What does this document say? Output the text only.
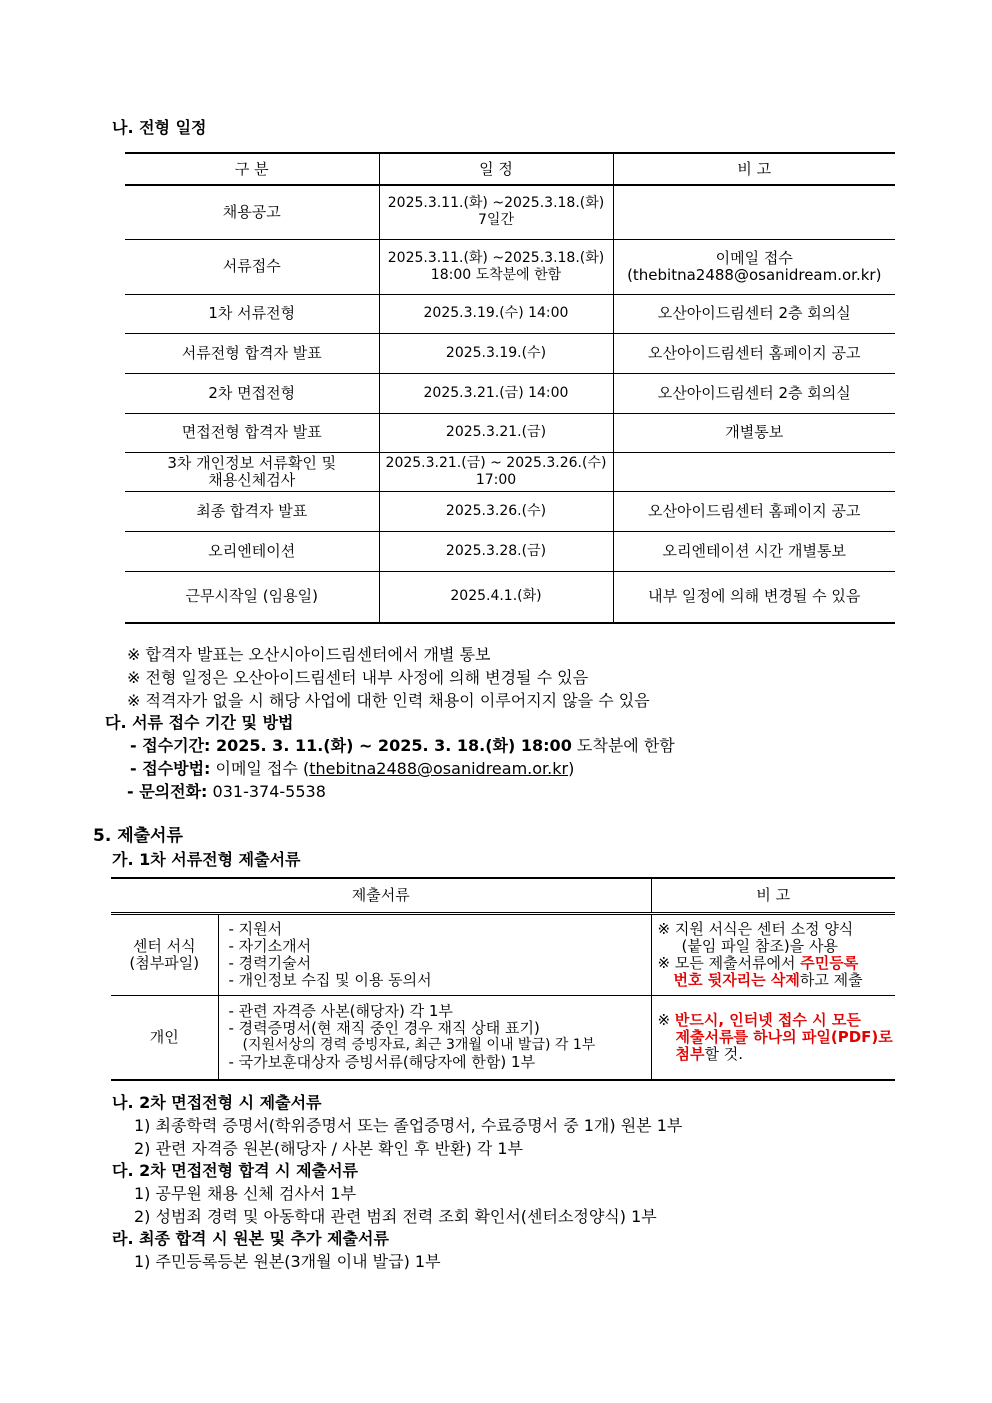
나. 전형 일정
구 분	일 정	비 고
채용공고	2025.3.11.(화) ~2025.3.18.(화)
7일간	

서류접수	2025.3.11.(화) ~2025.3.18.(화)
18:00 도착분에 한함	이메일 접수
(thebitna2488@osanidream.or.kr)

1차 서류전형	2025.3.19.(수) 14:00	오산아이드림센터 2층 회의실
서류전형 합격자 발표	2025.3.19.(수)	오산아이드림센터 홈페이지 공고
2차 면접전형	2025.3.21.(금) 14:00	오산아이드림센터 2층 회의실
면접전형 합격자 발표	2025.3.21.(금)	개별통보

3차 개인정보 서류확인 및
채용신체검사	2025.3.21.(금) ~ 2025.3.26.(수)
17:00	

최종 합격자 발표	2025.3.26.(수)	오산아이드림센터 홈페이지 공고
오리엔테이션	2025.3.28.(금)	오리엔테이션 시간 개별통보
근무시작일 (임용일)	2025.4.1.(화)	내부 일정에 의해 변경될 수 있음
※ 합격자 발표는 오산시아이드림센터에서 개별 통보
※ 전형 일정은 오산아이드림센터 내부 사정에 의해 변경될 수 있음
※ 적격자가 없을 시 해당 사업에 대한 인력 채용이 이루어지지 않을 수 있음
다. 서류 접수 기간 및 방법
- 접수기간: 2025. 3. 11.(화) ~ 2025. 3. 18.(화) 18:00 도착분에 한함
- 접수방법: 이메일 접수 (thebitna2488@osanidream.or.kr)
- 문의전화: 031-374-5538
5. 제출서류
가. 1차 서류전형 제출서류
제출서류		비 고

센터 서식
(첨부파일)	- 지원서
- 자기소개서
- 경력기술서
- 개인정보 수집 및 이용 동의서	※ 지원 서식은 센터 소정 양식
(붙임 파일 참조)을 사용
※ 모든 제출서류에서 주민등록
번호 뒷자리는 삭제하고 제출

개인	- 관련 자격증 사본(해당자) 각 1부
- 경력증명서(현 재직 중인 경우 재직 상태 표기)
(지원서상의 경력 증빙자료, 최근 3개월 이내 발급) 각 1부
- 국가보훈대상자 증빙서류(해당자에 한함) 1부	※ 반드시, 인터넷 접수 시 모든
제출서류를 하나의 파일(PDF)로
첨부할 것.
나. 2차 면접전형 시 제출서류
1) 최종학력 증명서(학위증명서 또는 졸업증명서, 수료증명서 중 1개) 원본 1부
2) 관련 자격증 원본(해당자 / 사본 확인 후 반환) 각 1부
다. 2차 면접전형 합격 시 제출서류
1) 공무원 채용 신체 검사서 1부
2) 성범죄 경력 및 아동학대 관련 범죄 전력 조회 확인서(센터소정양식) 1부
라. 최종 합격 시 원본 및 추가 제출서류
1) 주민등록등본 원본(3개월 이내 발급) 1부
